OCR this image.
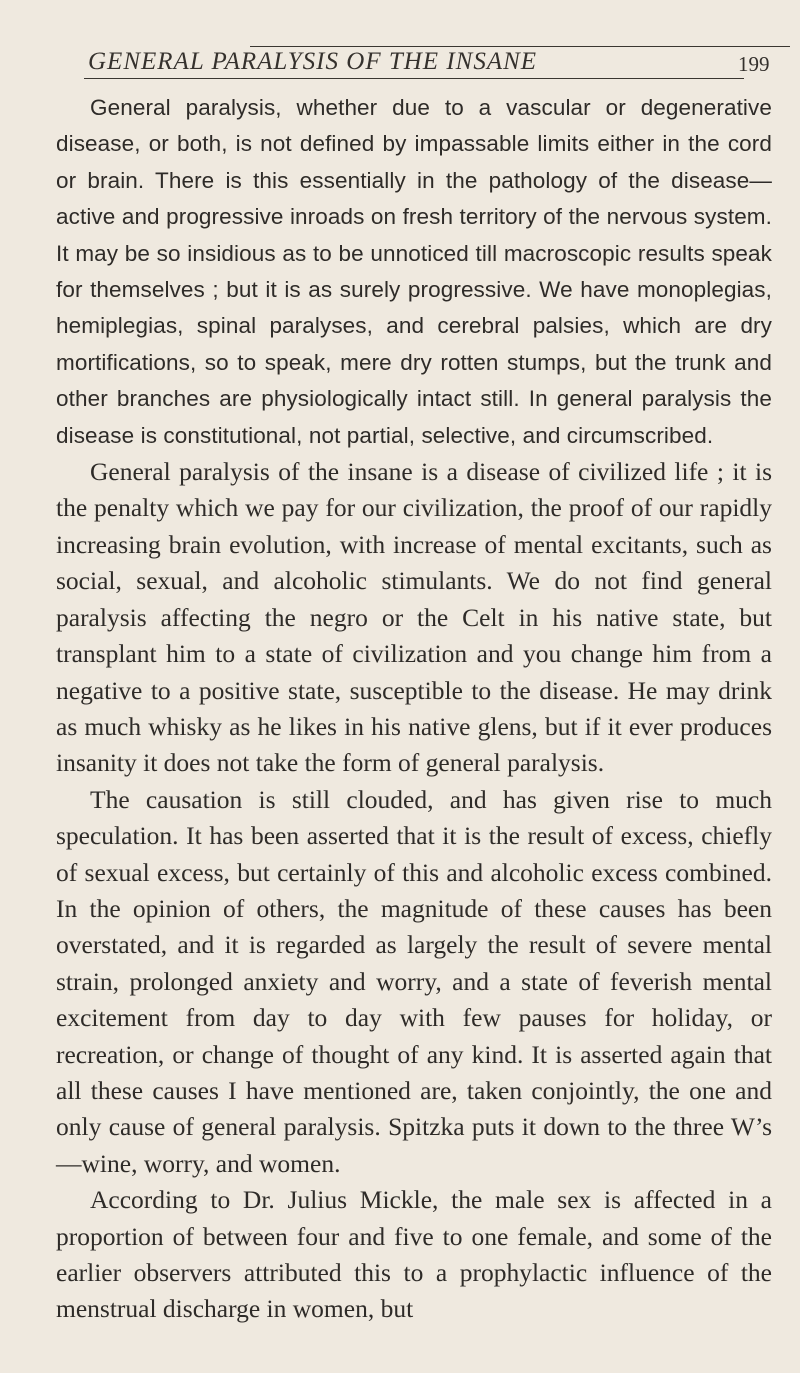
GENERAL PARALYSIS OF THE INSANE	199

General paralysis, whether due to a vascular or degenerative disease, or both, is not defined by impassable limits either in the cord or brain. There is this essentially in the pathology of the disease—active and progressive inroads on fresh territory of the nervous system. It may be so insidious as to be unnoticed till macroscopic results speak for themselves ; but it is as surely progressive. We have monoplegias, hemiplegias, spinal paralyses, and cerebral palsies, which are dry mortifications, so to speak, mere dry rotten stumps, but the trunk and other branches are physiologically intact still. In general paralysis the disease is constitutional, not partial, selective, and circumscribed.

General paralysis of the insane is a disease of civilized life ; it is the penalty which we pay for our civilization, the proof of our rapidly increasing brain evolution, with increase of mental excitants, such as social, sexual, and alcoholic stimulants. We do not find general paralysis affecting the negro or the Celt in his native state, but transplant him to a state of civilization and you change him from a negative to a positive state, susceptible to the disease. He may drink as much whisky as he likes in his native glens, but if it ever produces insanity it does not take the form of general paralysis.

The causation is still clouded, and has given rise to much speculation. It has been asserted that it is the result of excess, chiefly of sexual excess, but certainly of this and alcoholic excess combined. In the opinion of others, the magnitude of these causes has been overstated, and it is regarded as largely the result of severe mental strain, prolonged anxiety and worry, and a state of feverish mental excitement from day to day with few pauses for holiday, or recreation, or change of thought of any kind. It is asserted again that all these causes I have mentioned are, taken conjointly, the one and only cause of general paralysis. Spitzka puts it down to the three W’s—wine, worry, and women.

According to Dr. Julius Mickle, the male sex is affected in a proportion of between four and five to one female, and some of the earlier observers attributed this to a prophylactic influence of the menstrual discharge in women, but
